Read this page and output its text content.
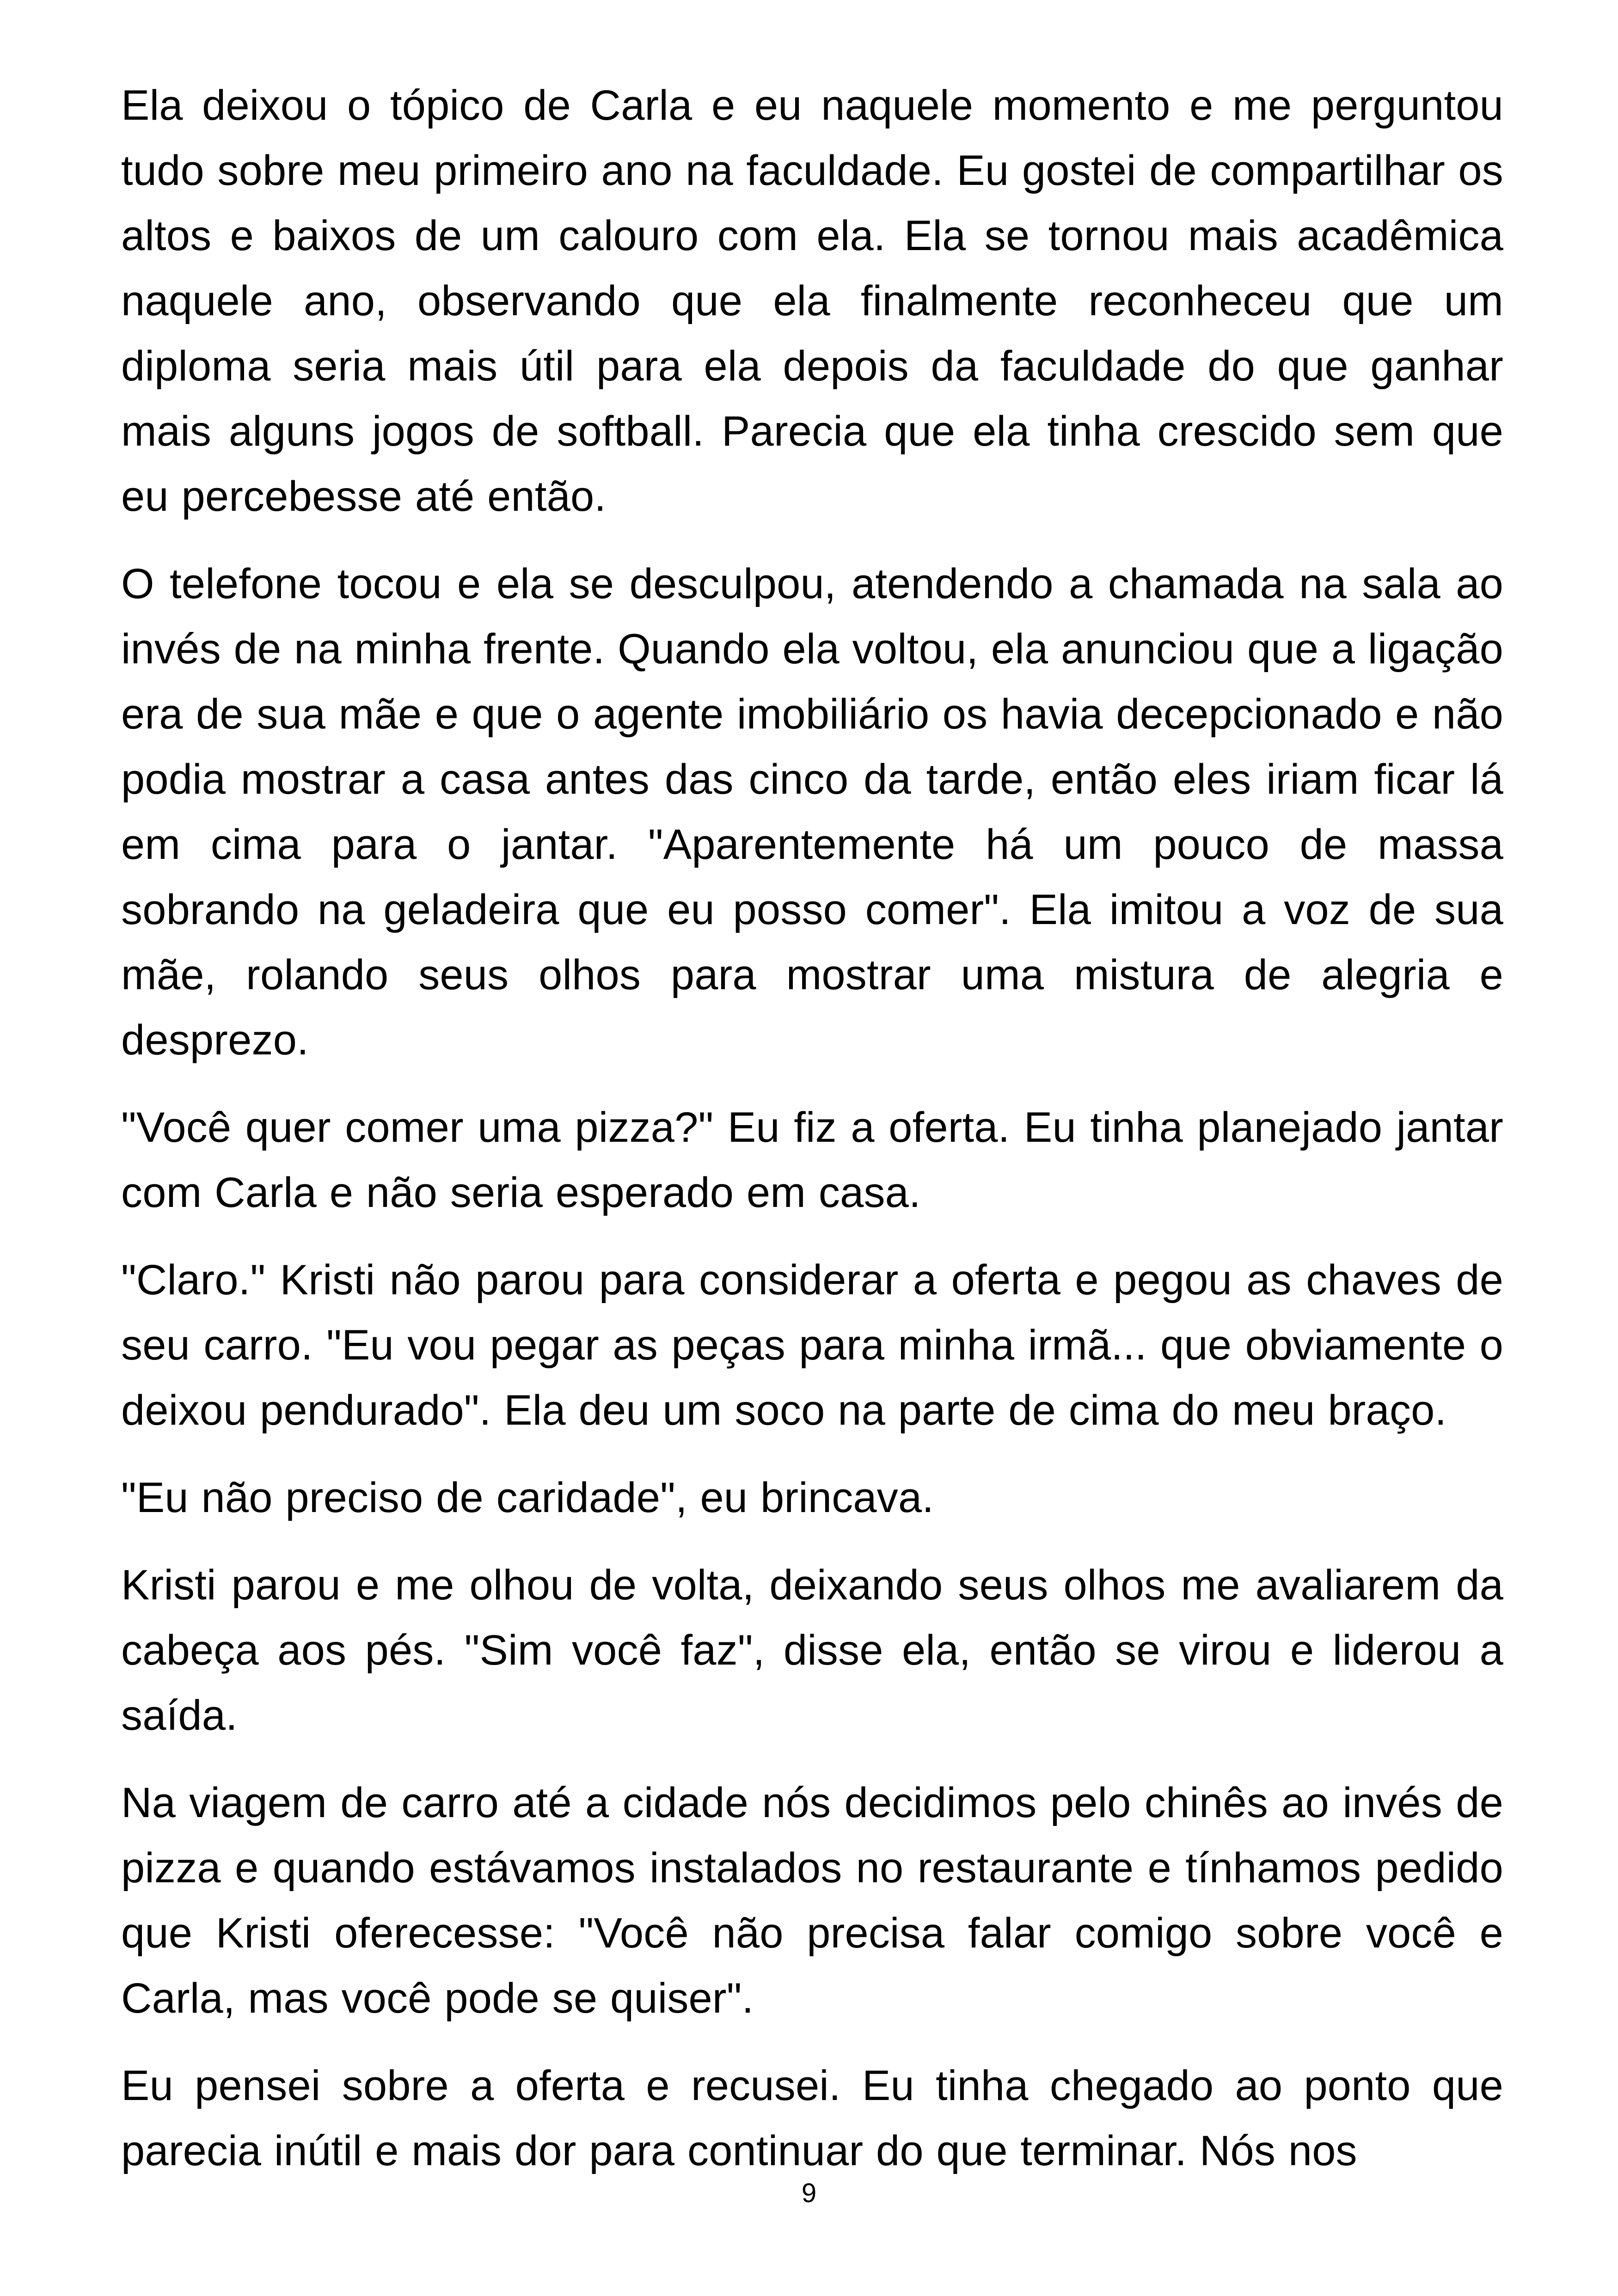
Ela deixou o tópico de Carla e eu naquele momento e me perguntou tudo sobre meu primeiro ano na faculdade. Eu gostei de compartilhar os altos e baixos de um calouro com ela. Ela se tornou mais acadêmica naquele ano, observando que ela finalmente reconheceu que um diploma seria mais útil para ela depois da faculdade do que ganhar mais alguns jogos de softball. Parecia que ela tinha crescido sem que eu percebesse até então.

O telefone tocou e ela se desculpou, atendendo a chamada na sala ao invés de na minha frente. Quando ela voltou, ela anunciou que a ligação era de sua mãe e que o agente imobiliário os havia decepcionado e não podia mostrar a casa antes das cinco da tarde, então eles iriam ficar lá em cima para o jantar. "Aparentemente há um pouco de massa sobrando na geladeira que eu posso comer". Ela imitou a voz de sua mãe, rolando seus olhos para mostrar uma mistura de alegria e desprezo.

"Você quer comer uma pizza?" Eu fiz a oferta. Eu tinha planejado jantar com Carla e não seria esperado em casa.

"Claro." Kristi não parou para considerar a oferta e pegou as chaves de seu carro. "Eu vou pegar as peças para minha irmã... que obviamente o deixou pendurado". Ela deu um soco na parte de cima do meu braço.

"Eu não preciso de caridade", eu brincava.

Kristi parou e me olhou de volta, deixando seus olhos me avaliarem da cabeça aos pés. "Sim você faz", disse ela, então se virou e liderou a saída.

Na viagem de carro até a cidade nós decidimos pelo chinês ao invés de pizza e quando estávamos instalados no restaurante e tínhamos pedido que Kristi oferecesse: "Você não precisa falar comigo sobre você e Carla, mas você pode se quiser".

Eu pensei sobre a oferta e recusei. Eu tinha chegado ao ponto que parecia inútil e mais dor para continuar do que terminar. Nós nos

9
